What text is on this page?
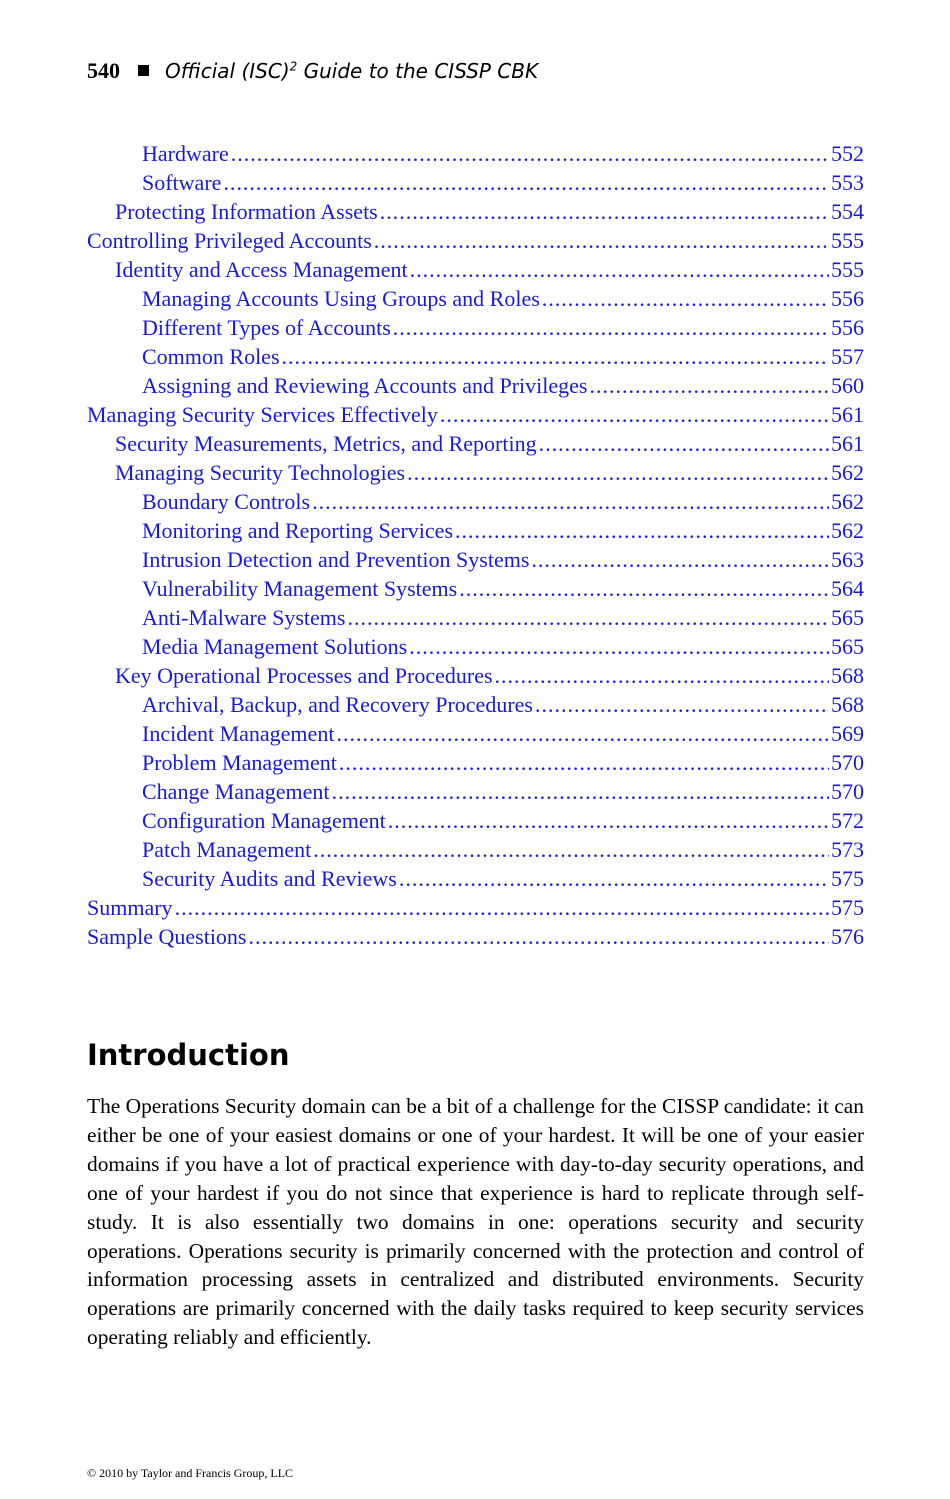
540 Official (ISC)$^2$ Guide to the CISSP CBK
Hardware .....	552
Software .....	553
Protecting Information Assets .....	554
Controlling Privileged Accounts .....	555
Identity and Access Management .....	555
Managing Accounts Using Groups and Roles .....	556
Different Types of Accounts .....	556
Common Roles .....	557
Assigning and Reviewing Accounts and Privileges .....	560
Managing Security Services Effectively .....	561
Security Measurements, Metrics, and Reporting .....	561
Managing Security Technologies .....	562
Boundary Controls .....	562
Monitoring and Reporting Services .....	562
Intrusion Detection and Prevention Systems .....	563
Vulnerability Management Systems .....	564
Anti-Malware Systems .....	565
Media Management Solutions .....	565
Key Operational Processes and Procedures .....	568
Archival, Backup, and Recovery Procedures .....	568
Incident Management .....	569
Problem Management .....	570
Change Management .....	570
Configuration Management .....	572
Patch Management .....	573
Security Audits and Reviews .....	575
Summary .....	575
Sample Questions .....	576
Introduction

The Operations Security domain can be a bit of a challenge for the CISSP candidate: it can either be one of your easiest domains or one of your hardest. It will be one of your easier domains if you have a lot of practical experience with day-to-day security operations, and one of your hardest if you do not since that experience is hard to replicate through self-study. It is also essentially two domains in one: operations security and security operations. Operations security is primarily concerned with the protection and control of information processing assets in centralized and distributed environments. Security operations are primarily concerned with the daily tasks required to keep security services operating reliably and efficiently.

© 2010 by Taylor and Francis Group, LLC
